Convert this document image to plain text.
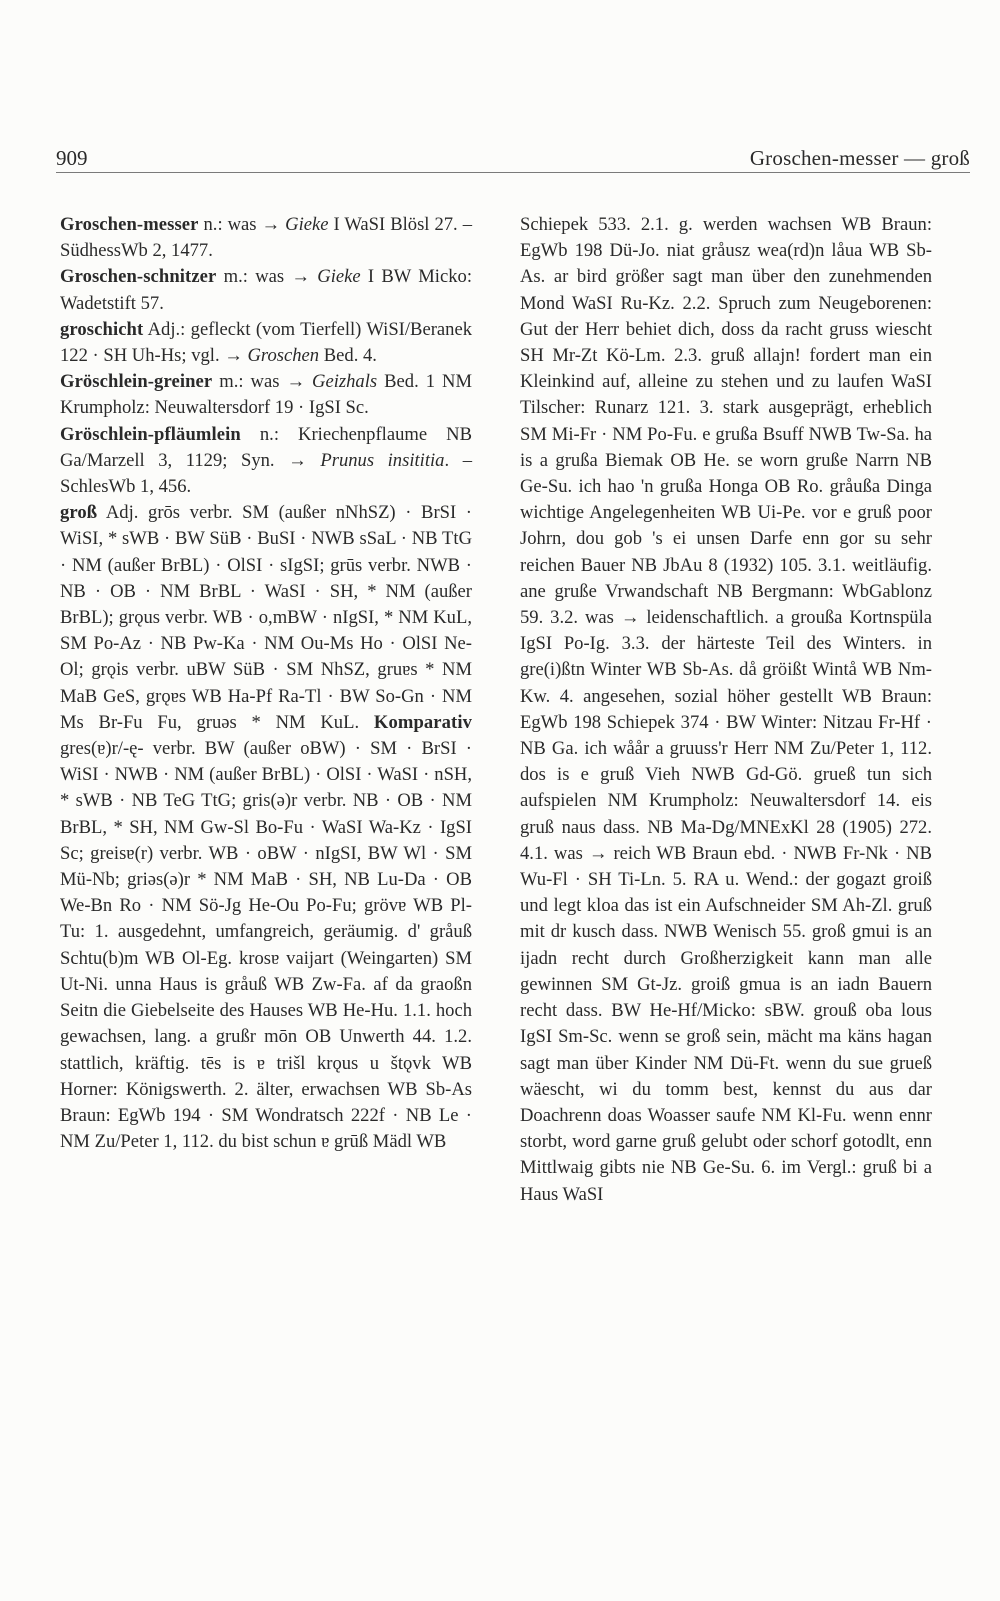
909	Groschen-messer — groß

Groschen-messer n.: was → Gieke I WaSI Blösl 27. – SüdhessWb 2, 1477.

Groschen-schnitzer m.: was → Gieke I BW Micko: Wadetstift 57.

groschicht Adj.: gefleckt (vom Tierfell) WiSI/Beranek 122 · SH Uh-Hs; vgl. → Groschen Bed. 4.

Gröschlein-greiner m.: was → Geizhals Bed. 1 NM Krumpholz: Neuwaltersdorf 19 · IgSI Sc.

Gröschlein-pfläumlein n.: Kriechenpflaume NB Ga/Marzell 3, 1129; Syn. → Prunus insititia. – SchlesWb 1, 456.

groß Adj. grōs verbr. SM (außer nNhSZ) · BrSI · WiSI, * sWB · BW SüB · BuSI · NWB sSaL · NB TtG · NM (außer BrBL) · OlSI · sIgSI; grūs verbr. NWB · NB · OB · NM BrBL · WaSI · SH, * NM (außer BrBL); grǫus verbr. WB · o,mBW · nIgSI, * NM KuL, SM Po-Az · NB Pw-Ka · NM Ou-Ms Ho · OlSI Ne-Ol; grǫis verbr. uBW SüB · SM NhSZ, gruɐs * NM MaB GeS, grǫɐs WB Ha-Pf Ra-Tl · BW So-Gn · NM Ms Br-Fu Fu, gruəs * NM KuL. Komparativ gres(ɐ)r/-ę- verbr. BW (außer oBW) · SM · BrSI · WiSI · NWB · NM (außer BrBL) · OlSI · WaSI · nSH, * sWB · NB TeG TtG; gris(ə)r verbr. NB · OB · NM BrBL, * SH, NM Gw-Sl Bo-Fu · WaSI Wa-Kz · IgSI Sc; greisɐ(r) verbr. WB · oBW · nIgSI, BW Wl · SM Mü-Nb; griəs(ə)r * NM MaB · SH, NB Lu-Da · OB We-Bn Ro · NM Sö-Jg He-Ou Po-Fu; grövɐ WB Pl-Tu: 1. ausgedehnt, umfangreich, geräumig. d' gråuß Schtu(b)m WB Ol-Eg. krosɐ vaijart (Weingarten) SM Ut-Ni. unna Haus is gråuß WB Zw-Fa. af da graoßn Seitn die Giebelseite des Hauses WB He-Hu. 1.1. hoch gewachsen, lang. a grußr mōn OB Unwerth 44. 1.2. stattlich, kräftig. tēs is ɐ trišl krǫus u štǫvk WB Horner: Königswerth. 2. älter, erwachsen WB Sb-As Braun: EgWb 194 · SM Wondratsch 222f · NB Le · NM Zu/Peter 1, 112. du bist schun ɐ grūß Mädl WB

Schiepek 533. 2.1. g. werden wachsen WB Braun: EgWb 198 Dü-Jo. niat gråusz wea(rd)n låua WB Sb-As. ar bird größer sagt man über den zunehmenden Mond WaSI Ru-Kz. 2.2. Spruch zum Neugeborenen: Gut der Herr behiet dich, doss da racht gruss wiescht SH Mr-Zt Kö-Lm. 2.3. gruß allajn! fordert man ein Kleinkind auf, alleine zu stehen und zu laufen WaSI Tilscher: Runarz 121. 3. stark ausgeprägt, erheblich SM Mi-Fr · NM Po-Fu. e grußa Bsuff NWB Tw-Sa. ha is a grußa Biemak OB He. se worn gruße Narrn NB Ge-Su. ich hao 'n grußa Honga OB Ro. gråußa Dinga wichtige Angelegenheiten WB Ui-Pe. vor e gruß poor Johrn, dou gob 's ei unsen Darfe enn gor su sehr reichen Bauer NB JbAu 8 (1932) 105. 3.1. weitläufig. ane gruße Vrwandschaft NB Bergmann: WbGablonz 59. 3.2. was → leidenschaftlich. a groußa Kortnspüla IgSI Po-Ig. 3.3. der härteste Teil des Winters. in gre(i)ßtn Winter WB Sb-As. då gröißt Wintå WB Nm-Kw. 4. angesehen, sozial höher gestellt WB Braun: EgWb 198 Schiepek 374 · BW Winter: Nitzau Fr-Hf · NB Ga. ich wåår a gruuss'r Herr NM Zu/Peter 1, 112. dos is e gruß Vieh NWB Gd-Gö. grueß tun sich aufspielen NM Krumpholz: Neuwaltersdorf 14. eis gruß naus dass. NB Ma-Dg/MNExKl 28 (1905) 272. 4.1. was → reich WB Braun ebd. · NWB Fr-Nk · NB Wu-Fl · SH Ti-Ln. 5. RA u. Wend.: der gogazt groiß und legt kloa das ist ein Aufschneider SM Ah-Zl. gruß mit dr kusch dass. NWB Wenisch 55. groß gmui is an ijadn recht durch Großherzigkeit kann man alle gewinnen SM Gt-Jz. groiß gmua is an iadn Bauern recht dass. BW He-Hf/Micko: sBW. grouß oba lous IgSI Sm-Sc. wenn se groß sein, mächt ma käns hagan sagt man über Kinder NM Dü-Ft. wenn du sue grueß wäescht, wi du tomm best, kennst du aus dar Doachrenn doas Woasser saufe NM Kl-Fu. wenn ennr storbt, word garne gruß gelubt oder schorf gotodlt, enn Mittlwaig gibts nie NB Ge-Su. 6. im Vergl.: gruß bi a Haus WaSI
